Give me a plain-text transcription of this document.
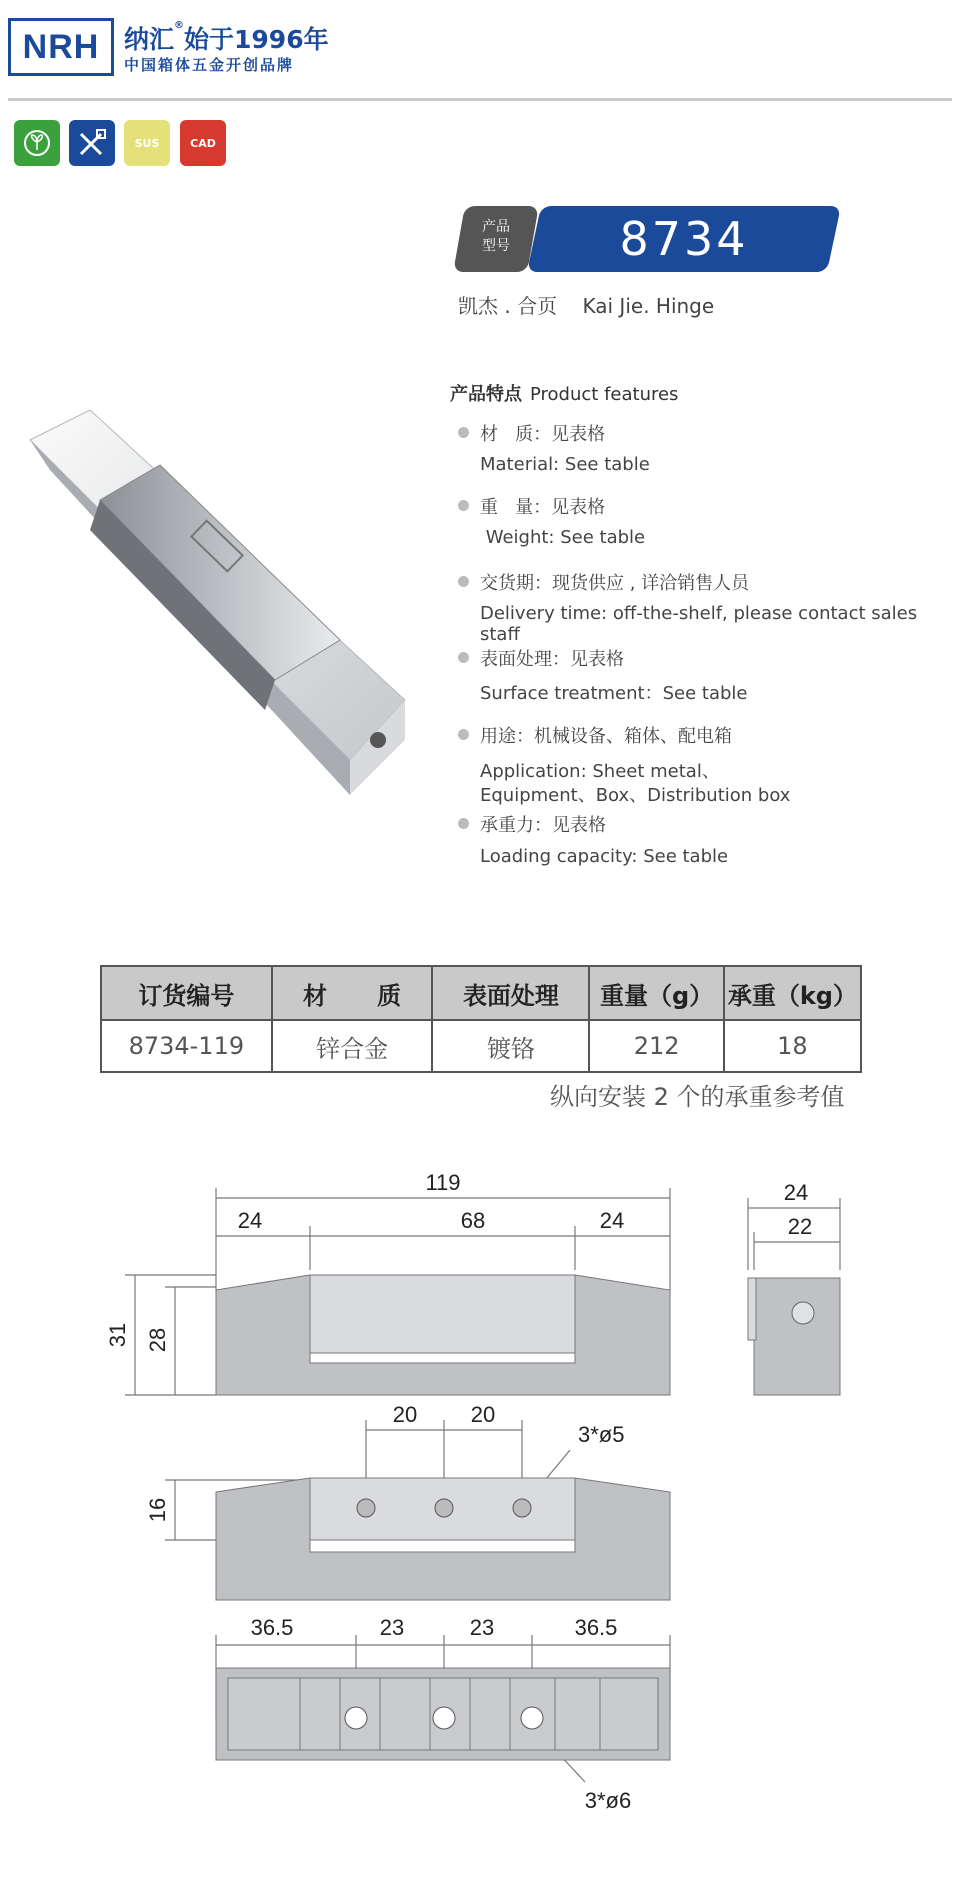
NRH 纳汇®始于1996年
中国箱体五金开创品牌
SUS	CAD
产品
型号	8734
凯杰 . 合页    Kai Jie. Hinge
产品特点 Product features
材   质：见表格
Material: See table
重   量：见表格
Weight: See table
交货期：现货供应 , 详洽销售人员
Delivery time: off-the-shelf, please contact sales staff
表面处理：见表格
Surface treatment：See table
用途：机械设备、箱体、配电箱
Application: Sheet metal、
Equipment、Box、Distribution box
承重力：见表格
Loading capacity: See table
订货编号	材      质	表面处理	重量（g）	承重（kg）
8734-119	锌合金	镀铬	212	18
纵向安装 2 个的承重参考值
119
24	68	24
31 28
24
22
20 20
3*ø5
16
36.5	23	23	36.5
3*ø6
